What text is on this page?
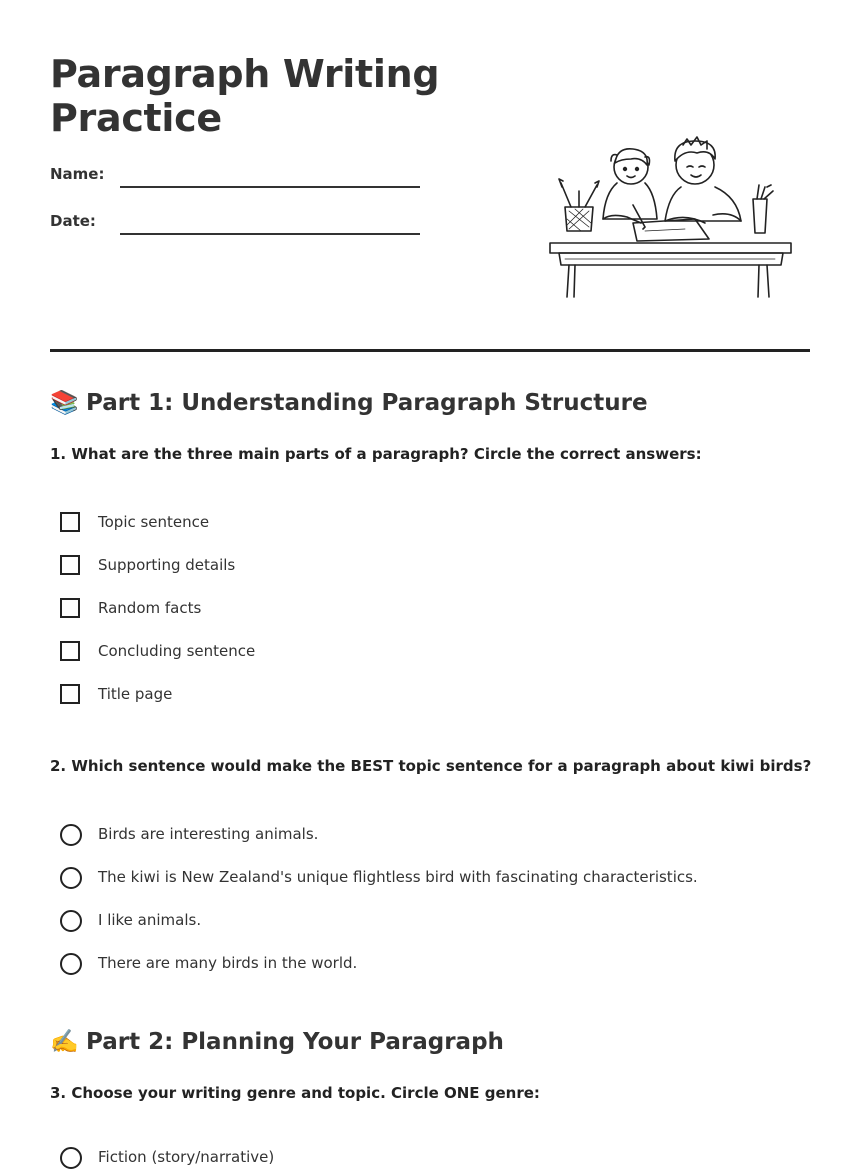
Paragraph Writing Practice
Name:
Date:
📚 Part 1: Understanding Paragraph Structure

1. What are the three main parts of a paragraph? Circle the correct answers:

Topic sentence
Supporting details
Random facts
Concluding sentence
Title page

2. Which sentence would make the BEST topic sentence for a paragraph about kiwi birds?

Birds are interesting animals.
The kiwi is New Zealand's unique flightless bird with fascinating characteristics.
I like animals.
There are many birds in the world.
✍️ Part 2: Planning Your Paragraph

3. Choose your writing genre and topic. Circle ONE genre:

Fiction (story/narrative)
